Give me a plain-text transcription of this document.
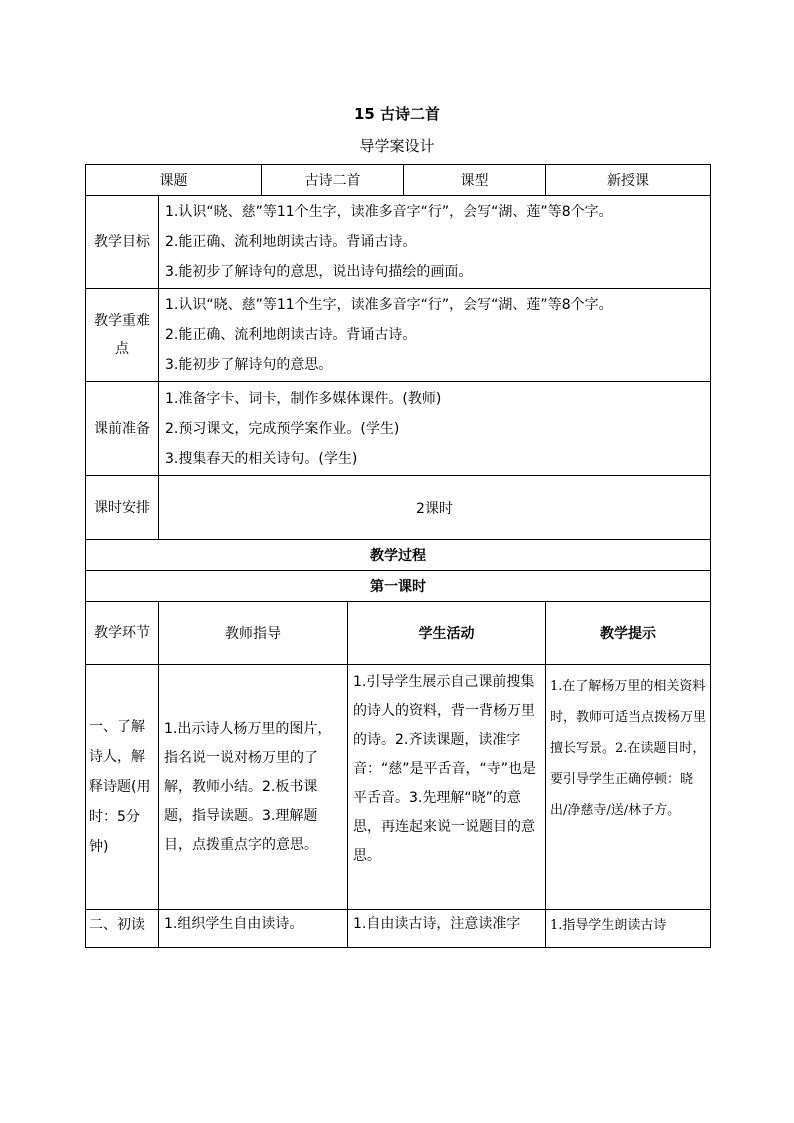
15 古诗二首
导学案设计
课题		古诗二首		课型	新授课
教学目标	1.认识“晓、慈”等11个生字，读准多音字“行”，会写“湖、莲”等8个字。
2.能正确、流利地朗读古诗。背诵古诗。
3.能初步了解诗句的意思，说出诗句描绘的画面。				

教学重难点	1.认识“晓、慈”等11个生字，读准多音字“行”，会写“湖、莲”等8个字。
2.能正确、流利地朗读古诗。背诵古诗。
3.能初步了解诗句的意思。				

课前准备	1.准备字卡、词卡，制作多媒体课件。(教师)
2.预习课文，完成预学案作业。(学生)
3.搜集春天的相关诗句。(学生)				

课时安排	2课时				
教学过程					
第一课时					
教学环节	教师指导		学生活动		教学提示
一、了解诗人，解释诗题(用时：5分钟)	1.出示诗人杨万里的图片，指名说一说对杨万里的了解，教师小结。2.板书课题，指导读题。3.理解题目，点拨重点字的意思。		1.引导学生展示自己课前搜集的诗人的资料，背一背杨万里的诗。2.齐读课题，读准字音：“慈”是平舌音，“寺”也是平舌音。3.先理解“晓”的意思，再连起来说一说题目的意思。		1.在了解杨万里的相关资料时，教师可适当点拨杨万里擅长写景。2.在读题目时，要引导学生正确停顿：晓出/净慈寺/送/林子方。
二、初读	1.组织学生自由读诗。		1.自由读古诗，注意读准字		1.指导学生朗读古诗
